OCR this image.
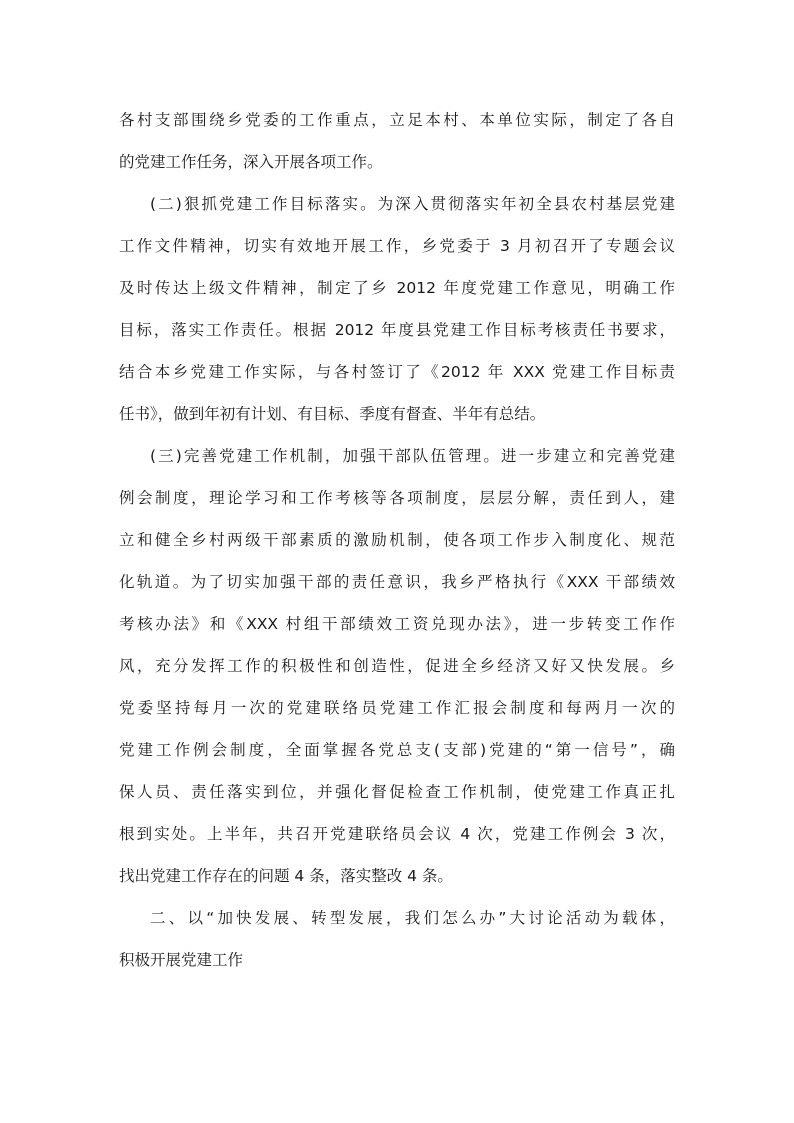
各村支部围绕乡党委的工作重点，立足本村、本单位实际，制定了各自
的党建工作任务，深入开展各项工作。
(二)狠抓党建工作目标落实。为深入贯彻落实年初全县农村基层党建
工作文件精神，切实有效地开展工作，乡党委于 3 月初召开了专题会议
及时传达上级文件精神，制定了乡 2012 年度党建工作意见，明确工作
目标，落实工作责任。根据 2012 年度县党建工作目标考核责任书要求，
结合本乡党建工作实际，与各村签订了《2012 年 XXX 党建工作目标责
任书》，做到年初有计划、有目标、季度有督查、半年有总结。
(三)完善党建工作机制，加强干部队伍管理。进一步建立和完善党建
例会制度，理论学习和工作考核等各项制度，层层分解，责任到人，建
立和健全乡村两级干部素质的激励机制，使各项工作步入制度化、规范
化轨道。为了切实加强干部的责任意识，我乡严格执行《XXX 干部绩效
考核办法》和《XXX 村组干部绩效工资兑现办法》，进一步转变工作作
风，充分发挥工作的积极性和创造性，促进全乡经济又好又快发展。乡
党委坚持每月一次的党建联络员党建工作汇报会制度和每两月一次的
党建工作例会制度，全面掌握各党总支(支部)党建的“第一信号”，确
保人员、责任落实到位，并强化督促检查工作机制，使党建工作真正扎
根到实处。上半年，共召开党建联络员会议 4 次，党建工作例会 3 次，
找出党建工作存在的问题 4 条，落实整改 4 条。
二、以“加快发展、转型发展，我们怎么办”大讨论活动为载体，
积极开展党建工作
